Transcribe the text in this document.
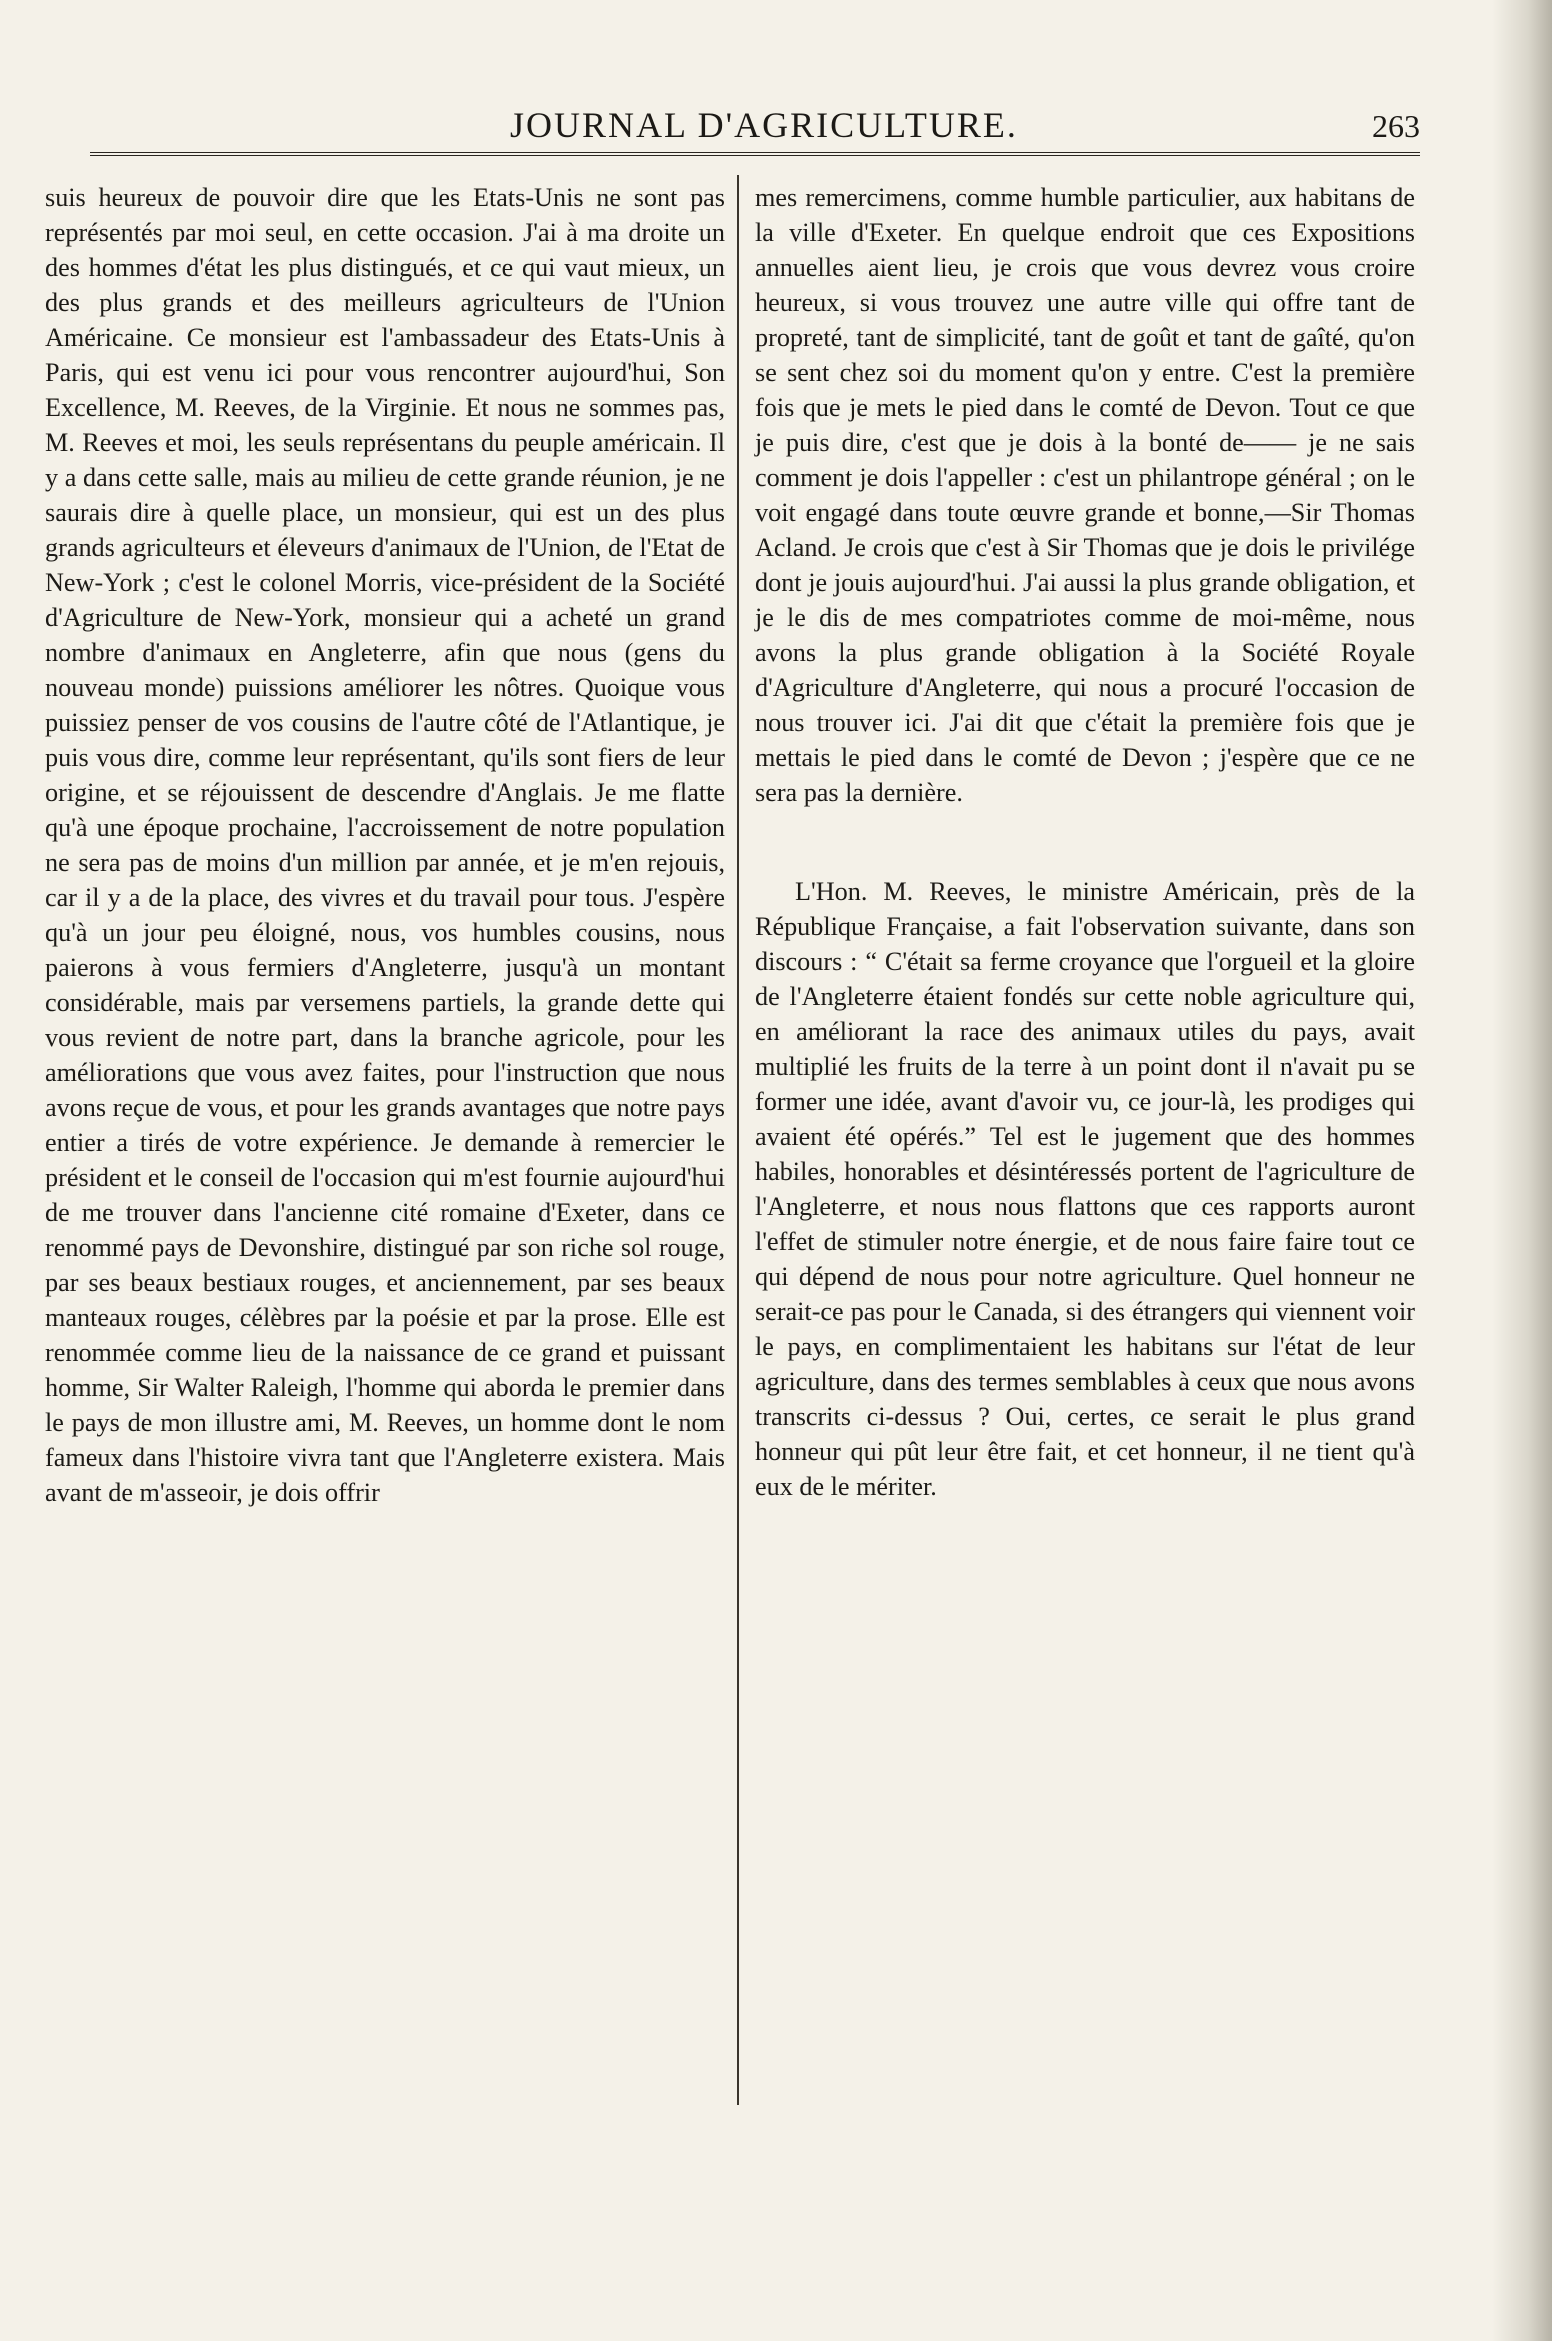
JOURNAL D'AGRICULTURE.	263

suis heureux de pouvoir dire que les Etats-Unis ne sont pas représentés par moi seul, en cette occasion. J'ai à ma droite un des hommes d'état les plus distingués, et ce qui vaut mieux, un des plus grands et des meilleurs agriculteurs de l'Union Américaine. Ce monsieur est l'ambassadeur des Etats-Unis à Paris, qui est venu ici pour vous rencontrer aujourd'hui, Son Excellence, M. Reeves, de la Virginie. Et nous ne sommes pas, M. Reeves et moi, les seuls représentans du peuple américain. Il y a dans cette salle, mais au milieu de cette grande réunion, je ne saurais dire à quelle place, un monsieur, qui est un des plus grands agriculteurs et éleveurs d'animaux de l'Union, de l'Etat de New-York ; c'est le colonel Morris, vice-président de la Société d'Agriculture de New-York, monsieur qui a acheté un grand nombre d'animaux en Angleterre, afin que nous (gens du nouveau monde) puissions améliorer les nôtres. Quoique vous puissiez penser de vos cousins de l'autre côté de l'Atlantique, je puis vous dire, comme leur représentant, qu'ils sont fiers de leur origine, et se réjouissent de descendre d'Anglais. Je me flatte qu'à une époque prochaine, l'accroissement de notre population ne sera pas de moins d'un million par année, et je m'en rejouis, car il y a de la place, des vivres et du travail pour tous. J'espère qu'à un jour peu éloigné, nous, vos humbles cousins, nous paierons à vous fermiers d'Angleterre, jusqu'à un montant considérable, mais par versemens partiels, la grande dette qui vous revient de notre part, dans la branche agricole, pour les améliorations que vous avez faites, pour l'instruction que nous avons reçue de vous, et pour les grands avantages que notre pays entier a tirés de votre expérience. Je demande à remercier le président et le conseil de l'occasion qui m'est fournie aujourd'hui de me trouver dans l'ancienne cité romaine d'Exeter, dans ce renommé pays de Devonshire, distingué par son riche sol rouge, par ses beaux bestiaux rouges, et anciennement, par ses beaux manteaux rouges, célèbres par la poésie et par la prose. Elle est renommée comme lieu de la naissance de ce grand et puissant homme, Sir Walter Raleigh, l'homme qui aborda le premier dans le pays de mon illustre ami, M. Reeves, un homme dont le nom fameux dans l'histoire vivra tant que l'Angleterre existera. Mais avant de m'asseoir, je dois offrir

mes remercimens, comme humble particulier, aux habitans de la ville d'Exeter. En quelque endroit que ces Expositions annuelles aient lieu, je crois que vous devrez vous croire heureux, si vous trouvez une autre ville qui offre tant de propreté, tant de simplicité, tant de goût et tant de gaîté, qu'on se sent chez soi du moment qu'on y entre. C'est la première fois que je mets le pied dans le comté de Devon. Tout ce que je puis dire, c'est que je dois à la bonté de—— je ne sais comment je dois l'appeller : c'est un philantrope général ; on le voit engagé dans toute œuvre grande et bonne,—Sir Thomas Acland. Je crois que c'est à Sir Thomas que je dois le privilége dont je jouis aujourd'hui. J'ai aussi la plus grande obligation, et je le dis de mes compatriotes comme de moi-même, nous avons la plus grande obligation à la Société Royale d'Agriculture d'Angleterre, qui nous a procuré l'occasion de nous trouver ici. J'ai dit que c'était la première fois que je mettais le pied dans le comté de Devon ; j'espère que ce ne sera pas la dernière.

L'Hon. M. Reeves, le ministre Américain, près de la République Française, a fait l'observation suivante, dans son discours : “ C'était sa ferme croyance que l'orgueil et la gloire de l'Angleterre étaient fondés sur cette noble agriculture qui, en améliorant la race des animaux utiles du pays, avait multiplié les fruits de la terre à un point dont il n'avait pu se former une idée, avant d'avoir vu, ce jour-là, les prodiges qui avaient été opérés.” Tel est le jugement que des hommes habiles, honorables et désintéressés portent de l'agriculture de l'Angleterre, et nous nous flattons que ces rapports auront l'effet de stimuler notre énergie, et de nous faire faire tout ce qui dépend de nous pour notre agriculture. Quel honneur ne serait-ce pas pour le Canada, si des étrangers qui viennent voir le pays, en complimentaient les habitans sur l'état de leur agriculture, dans des termes semblables à ceux que nous avons transcrits ci-dessus ? Oui, certes, ce serait le plus grand honneur qui pût leur être fait, et cet honneur, il ne tient qu'à eux de le mériter.
